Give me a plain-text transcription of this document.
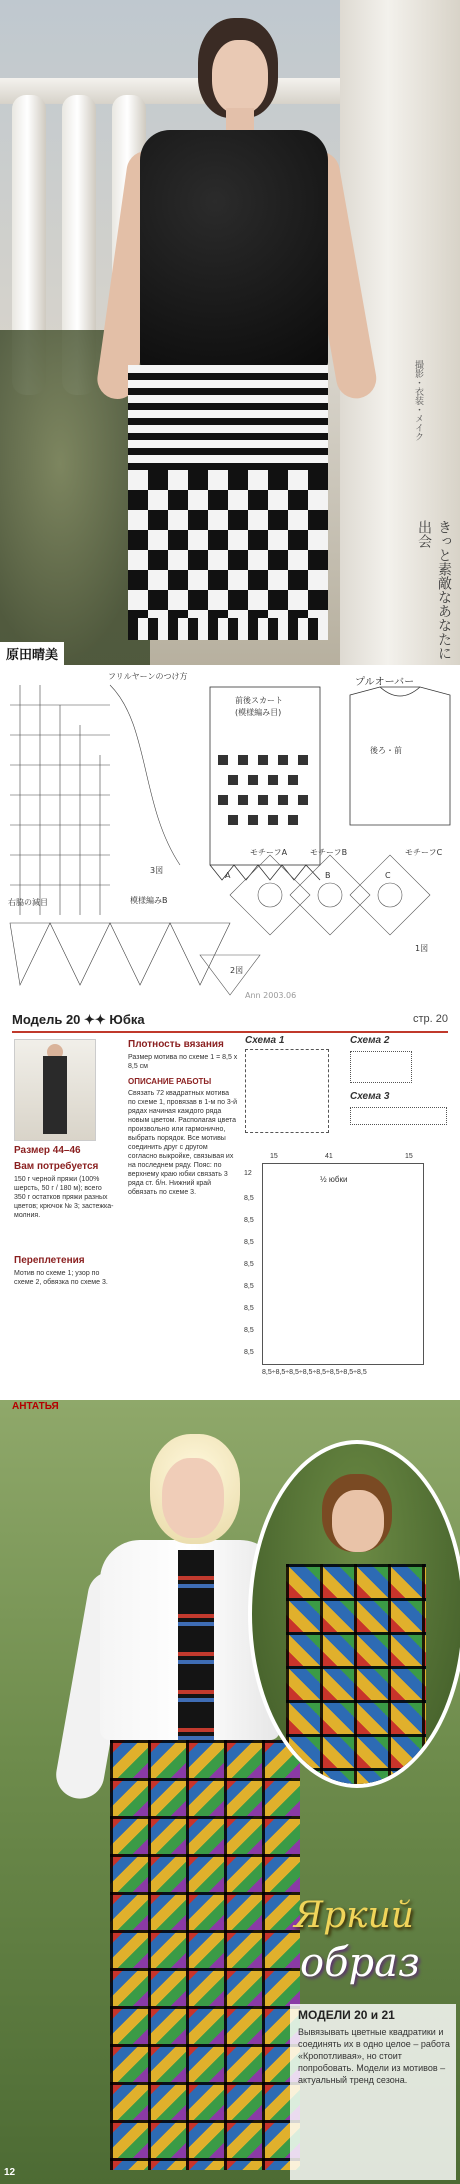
撮影・衣装・メイク
きっと素敵なあなたに出会
原田晴美
フリルヤーンのつけ方
前後スカート
(模様編み目)
プルオーバー
後ろ・前
右脇の減目	模様編みB
モチーフA	モチーフB	モチーフC
A	B	C
1図
2図
3図
Ann 2003.06
Модель 20 ✦✦ Юбка	стр. 20
Размер 44–46
Вам потребуется
150 г черной пряжи (100% шерсть, 50 г / 180 м); всего 350 г остатков пряжи разных цветов; крючок № 3; застежка-молния.
Переплетения
Мотив по схеме 1; узор по схеме 2, обвязка по схеме 3.
Плотность вязания
Размер мотива по схеме 1 = 8,5 х 8,5 см
ОПИСАНИЕ РАБОТЫ
Связать 72 квадратных мотива по схеме 1, провязав в 1-м по 3-й рядах начиная каждого ряда новым цветом. Располагая цвета произвольно или гармонично, выбрать порядок. Все мотивы соединить друг с другом согласно выкройке, связывая их на последнем ряду. Пояс: по верхнему краю юбки связать 3 ряда ст. б/н. Нижний край обвязать по схеме 3.
Схема 1	Схема 2
Схема 3
15	41	15
½ юбки
12
8,5
8,5
8,5
8,5
8,5
8,5
8,5
8,5
8,5÷8,5÷8,5÷8,5÷8,5÷8,5÷8,5÷8,5
АНТАТЬЯ
Яркий
образ
МОДЕЛИ 20 и 21
Вывязывать цветные квадратики и соединять их в одно целое – работа «Кропотливая», но стоит попробовать. Модели из мотивов – актуальный тренд сезона.
12
